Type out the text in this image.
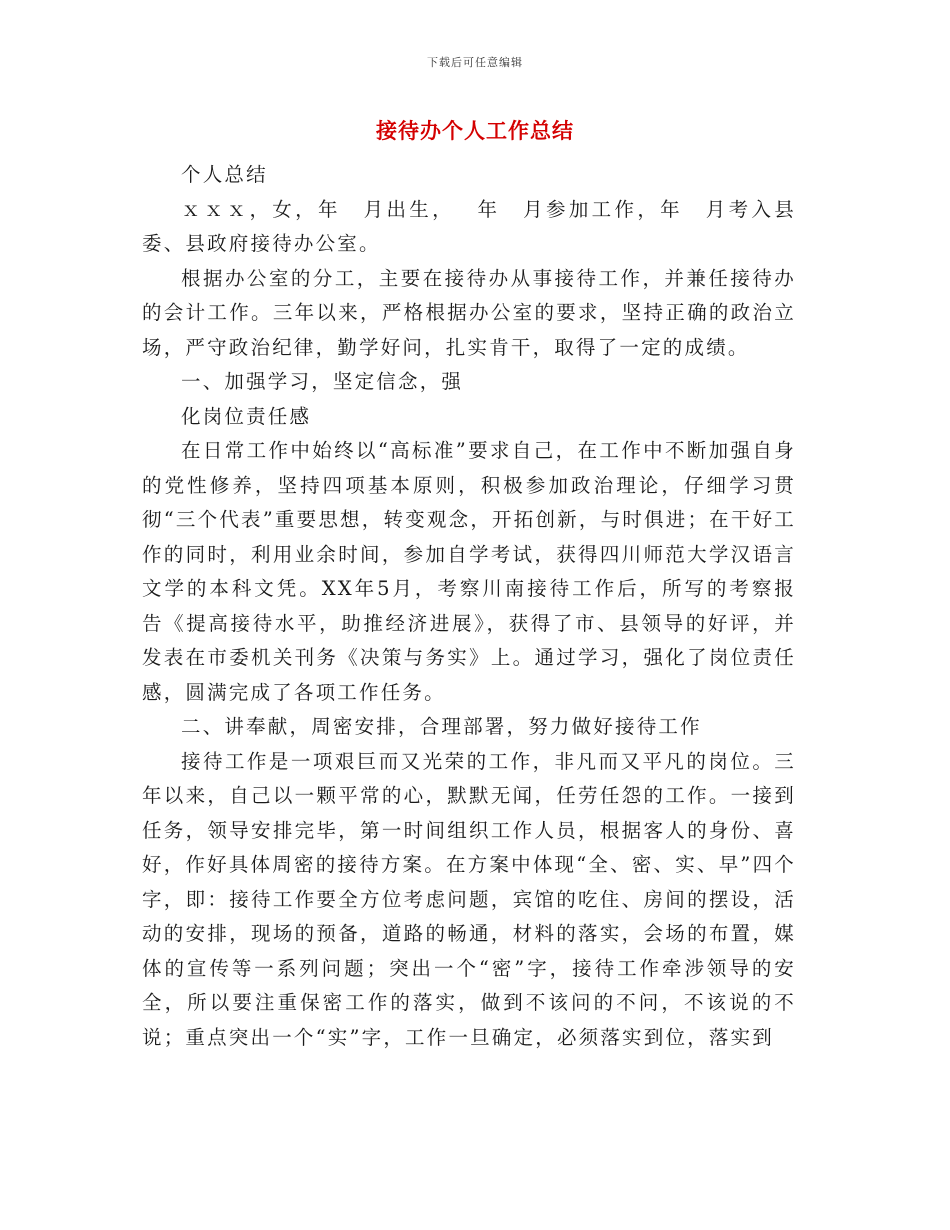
下载后可任意编辑
接待办个人工作总结

个人总结

ｘｘｘ，女，年　月出生，　 年　月参加工作，年　月考入县委、县政府接待办公室。

根据办公室的分工，主要在接待办从事接待工作，并兼任接待办的会计工作。三年以来，严格根据办公室的要求，坚持正确的政治立场，严守政治纪律，勤学好问，扎实肯干，取得了一定的成绩。

一、加强学习，坚定信念，强

化岗位责任感

在日常工作中始终以“高标准”要求自己，在工作中不断加强自身的党性修养，坚持四项基本原则，积极参加政治理论，仔细学习贯彻“三个代表”重要思想，转变观念，开拓创新，与时俱进；在干好工作的同时，利用业余时间，参加自学考试，获得四川师范大学汉语言文学的本科文凭。XX年5月，考察川南接待工作后，所写的考察报告《提高接待水平，助推经济进展》，获得了市、县领导的好评，并发表在市委机关刊务《决策与务实》上。通过学习，强化了岗位责任感，圆满完成了各项工作任务。

二、讲奉献，周密安排，合理部署，努力做好接待工作

接待工作是一项艰巨而又光荣的工作，非凡而又平凡的岗位。三年以来，自己以一颗平常的心，默默无闻，任劳任怨的工作。一接到任务，领导安排完毕，第一时间组织工作人员，根据客人的身份、喜好，作好具体周密的接待方案。在方案中体现“全、密、实、早”四个字，即：接待工作要全方位考虑问题，宾馆的吃住、房间的摆设，活动的安排，现场的预备，道路的畅通，材料的落实，会场的布置，媒体的宣传等一系列问题；突出一个“密”字，接待工作牵涉领导的安全，所以要注重保密工作的落实，做到不该问的不问，不该说的不说；重点突出一个“实”字，工作一旦确定，必须落实到位，落实到
